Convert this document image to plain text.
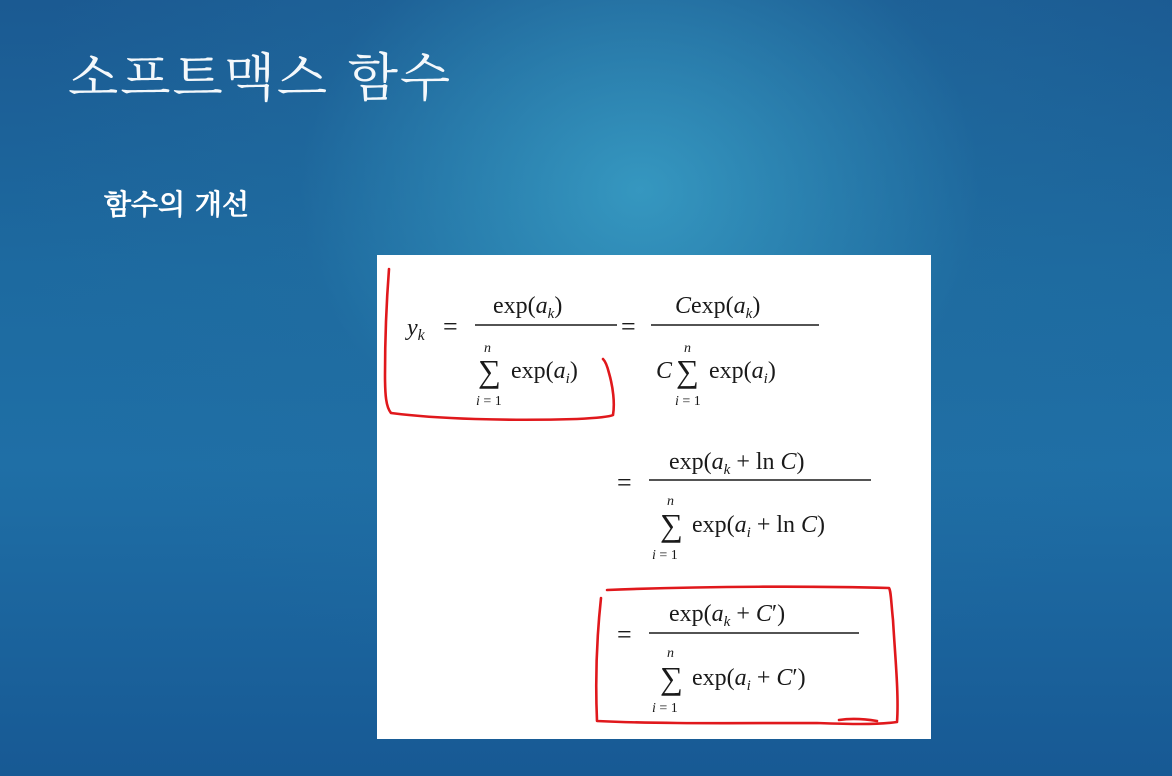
소프트맥스 함수
함수의 개선
$y_k$ =
$\exp(a_k)$
n
∑
i = 1
$\exp(a_i)$
=
$Cexp(a_k)$
C
n
∑
i = 1
$\exp(a_i)$
=
$\exp(a_k + \ln C)$
n
∑
i = 1
$\exp(a_i + \ln C)$
=
$\exp(a_k + C')$
n
∑
i = 1
$\exp(a_i + C')$
